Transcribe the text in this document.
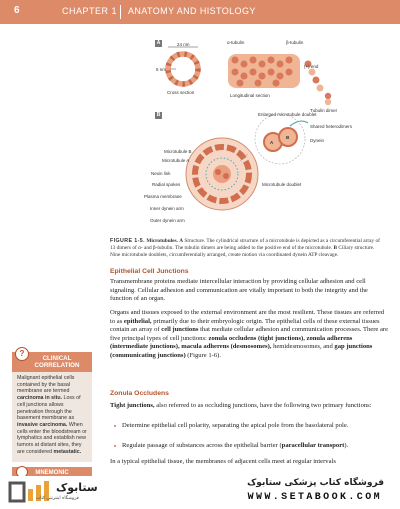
6	CHAPTER 1 ANATOMY AND HISTOLOGY
A	24 nm
5 nm
Cross section
α-tubulin	β-tubulin
(+) end
Longitudinal section
Tubulin dimer
B	Enlarged microtubule doublet
Shared heterodimers
Dynein
Microtubule B
Microtubule A
Nexin link
Radial spokes
Plasma membrane
Inner dynein arm
Outer dynein arm
Microtubule doublet
A
B
FIGURE 1-5. Microtubules. A Structure. The cylindrical structure of a microtubule is depicted as a circumferential array of 13 dimers of α- and β-tubulin. The tubulin dimers are being added to the positive end of the microtubule. B Ciliary structure. Nine microtubule doublets, circumferentially arranged, create motion via coordinated dynein ATP cleavage.
Epithelial Cell Junctions
Transmembrane proteins mediate intercellular interaction by providing cellular adhesion and cell signaling. Cellular adhesion and communication are vitally important to both the integrity and the function of an organ.
Organs and tissues exposed to the external environment are the most resilient. These tissues are referred to as epithelial, primarily due to their embryologic origin. The epithelial cells of these external tissues contain an array of cell junctions that mediate cellular adhesion and communication processes. There are five principal types of cell junctions: zonula occludens (tight junctions), zonula adherens (intermediate junctions), macula adherens (desmosomes), hemidesmosomes, and gap junctions (communicating junctions) (Figure 1-6).
Zonula Occludens
Tight junctions, also referred to as occluding junctions, have the following two primary functions:
■ Determine epithelial cell polarity, separating the apical pole from the basolateral pole.
■ Regulate passage of substances across the epithelial barrier (paracellular transport).
In a typical epithelial tissue, the membranes of adjacent cells meet at regular intervals
CLINICAL CORRELATION
?
Malignant epithelial cells contained by the basal membrane are termed carcinoma in situ. Loss of cell junctions allows penetration through the basement membrane as invasive carcinoma. When cells enter the bloodstream or lymphatics and establish new tumors at distant sites, they are considered metastatic.
MNEMONIC
ستابوک
فروشگاه اینترنتی کتاب
فروشگاه کتاب پزشکی ستابوک
WWW.SETABOOK.COM
